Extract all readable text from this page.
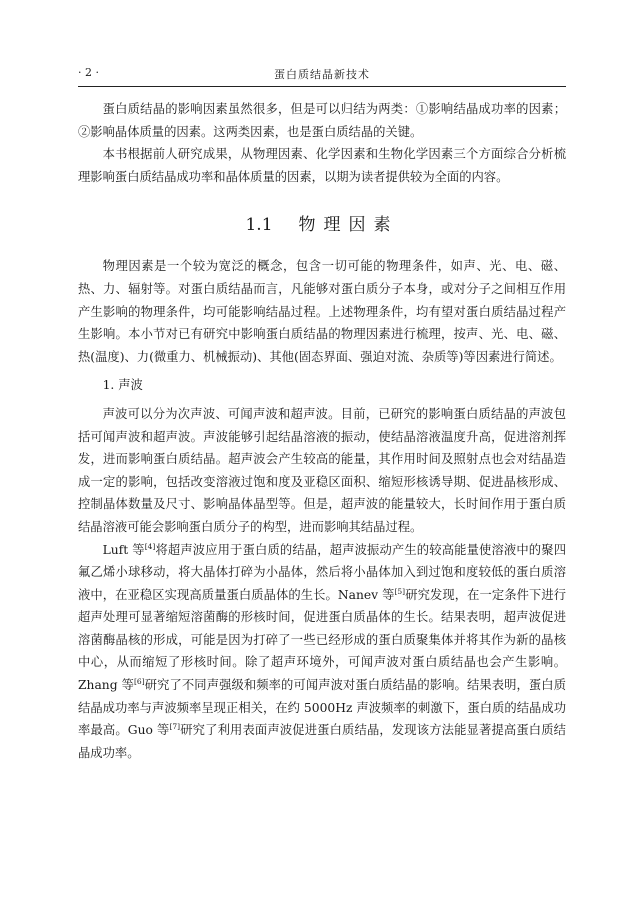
· 2 ·	蛋白质结晶新技术

蛋白质结晶的影响因素虽然很多，但是可以归结为两类：①影响结晶成功率的因素；②影响晶体质量的因素。这两类因素，也是蛋白质结晶的关键。

本书根据前人研究成果，从物理因素、化学因素和生物化学因素三个方面综合分析梳理影响蛋白质结晶成功率和晶体质量的因素，以期为读者提供较为全面的内容。

1.1 物理因素

物理因素是一个较为宽泛的概念，包含一切可能的物理条件，如声、光、电、磁、热、力、辐射等。对蛋白质结晶而言，凡能够对蛋白质分子本身，或对分子之间相互作用产生影响的物理条件，均可能影响结晶过程。上述物理条件，均有望对蛋白质结晶过程产生影响。本小节对已有研究中影响蛋白质结晶的物理因素进行梳理，按声、光、电、磁、热(温度)、力(微重力、机械振动)、其他(固态界面、强迫对流、杂质等)等因素进行简述。

1. 声波

声波可以分为次声波、可闻声波和超声波。目前，已研究的影响蛋白质结晶的声波包括可闻声波和超声波。声波能够引起结晶溶液的振动，使结晶溶液温度升高，促进溶剂挥发，进而影响蛋白质结晶。超声波会产生较高的能量，其作用时间及照射点也会对结晶造成一定的影响，包括改变溶液过饱和度及亚稳区面积、缩短形核诱导期、促进晶核形成、控制晶体数量及尺寸、影响晶体晶型等。但是，超声波的能量较大，长时间作用于蛋白质结晶溶液可能会影响蛋白质分子的构型，进而影响其结晶过程。

Luft 等[4]将超声波应用于蛋白质的结晶，超声波振动产生的较高能量使溶液中的聚四氟乙烯小球移动，将大晶体打碎为小晶体，然后将小晶体加入到过饱和度较低的蛋白质溶液中，在亚稳区实现高质量蛋白质晶体的生长。Nanev 等[5]研究发现，在一定条件下进行超声处理可显著缩短溶菌酶的形核时间，促进蛋白质晶体的生长。结果表明，超声波促进溶菌酶晶核的形成，可能是因为打碎了一些已经形成的蛋白质聚集体并将其作为新的晶核中心，从而缩短了形核时间。除了超声环境外，可闻声波对蛋白质结晶也会产生影响。Zhang 等[6]研究了不同声强级和频率的可闻声波对蛋白质结晶的影响。结果表明，蛋白质结晶成功率与声波频率呈现正相关，在约 5000Hz 声波频率的刺激下，蛋白质的结晶成功率最高。Guo 等[7]研究了利用表面声波促进蛋白质结晶，发现该方法能显著提高蛋白质结晶成功率。
